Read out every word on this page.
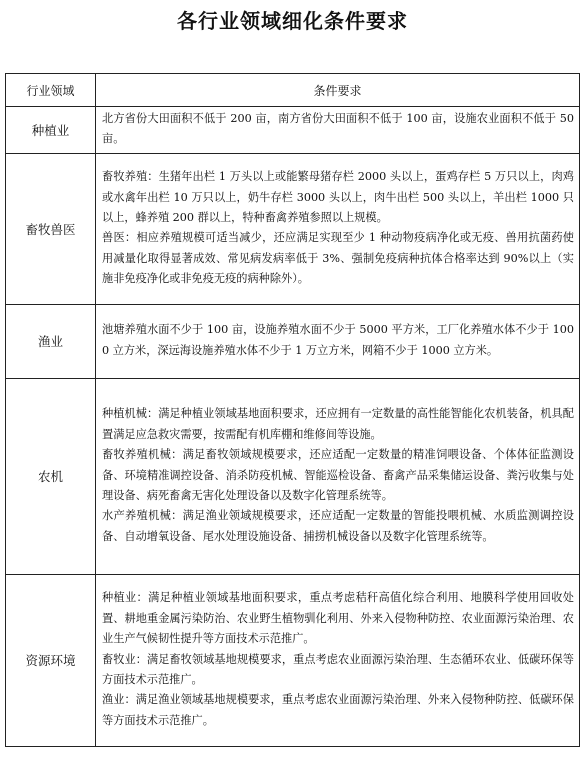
各行业领域细化条件要求
行业领域	条件要求
种植业	北方省份大田面积不低于 200 亩，南方省份大田面积不低于 100 亩，设施农业面积不低于 50 亩。

畜牧兽医	畜牧养殖：生猪年出栏 1 万头以上或能繁母猪存栏 2000 头以上，蛋鸡存栏 5 万只以上，肉鸡或水禽年出栏 10 万只以上，奶牛存栏 3000 头以上，肉牛出栏 500 头以上，羊出栏 1000 只以上，蜂养殖 200 群以上，特种畜禽养殖参照以上规模。

兽医：相应养殖规模可适当减少，还应满足实现至少 1 种动物疫病净化或无疫、兽用抗菌药使用减量化取得显著成效、常见病发病率低于 3%、强制免疫病种抗体合格率达到 90%以上（实施非免疫净化或非免疫无疫的病种除外）。

渔业	池塘养殖水面不少于 100 亩，设施养殖水面不少于 5000 平方米，工厂化养殖水体不少于 1000 立方米，深远海设施养殖水体不少于 1 万立方米，网箱不少于 1000 立方米。

农机	种植机械：满足种植业领域基地面积要求，还应拥有一定数量的高性能智能化农机装备，机具配置满足应急救灾需要，按需配有机库棚和维修间等设施。

畜牧养殖机械：满足畜牧领域规模要求，还应适配一定数量的精准饲喂设备、个体体征监测设备、环境精准调控设备、消杀防疫机械、智能巡检设备、畜禽产品采集储运设备、粪污收集与处理设备、病死畜禽无害化处理设备以及数字化管理系统等。

水产养殖机械：满足渔业领域规模要求，还应适配一定数量的智能投喂机械、水质监测调控设备、自动增氧设备、尾水处理设施设备、捕捞机械设备以及数字化管理系统等。

资源环境	种植业：满足种植业领域基地面积要求，重点考虑秸秆高值化综合利用、地膜科学使用回收处置、耕地重金属污染防治、农业野生植物驯化利用、外来入侵物种防控、农业面源污染治理、农业生产气候韧性提升等方面技术示范推广。

畜牧业：满足畜牧领域基地规模要求，重点考虑农业面源污染治理、生态循环农业、低碳环保等方面技术示范推广。

渔业：满足渔业领域基地规模要求，重点考虑农业面源污染治理、外来入侵物种防控、低碳环保等方面技术示范推广。
